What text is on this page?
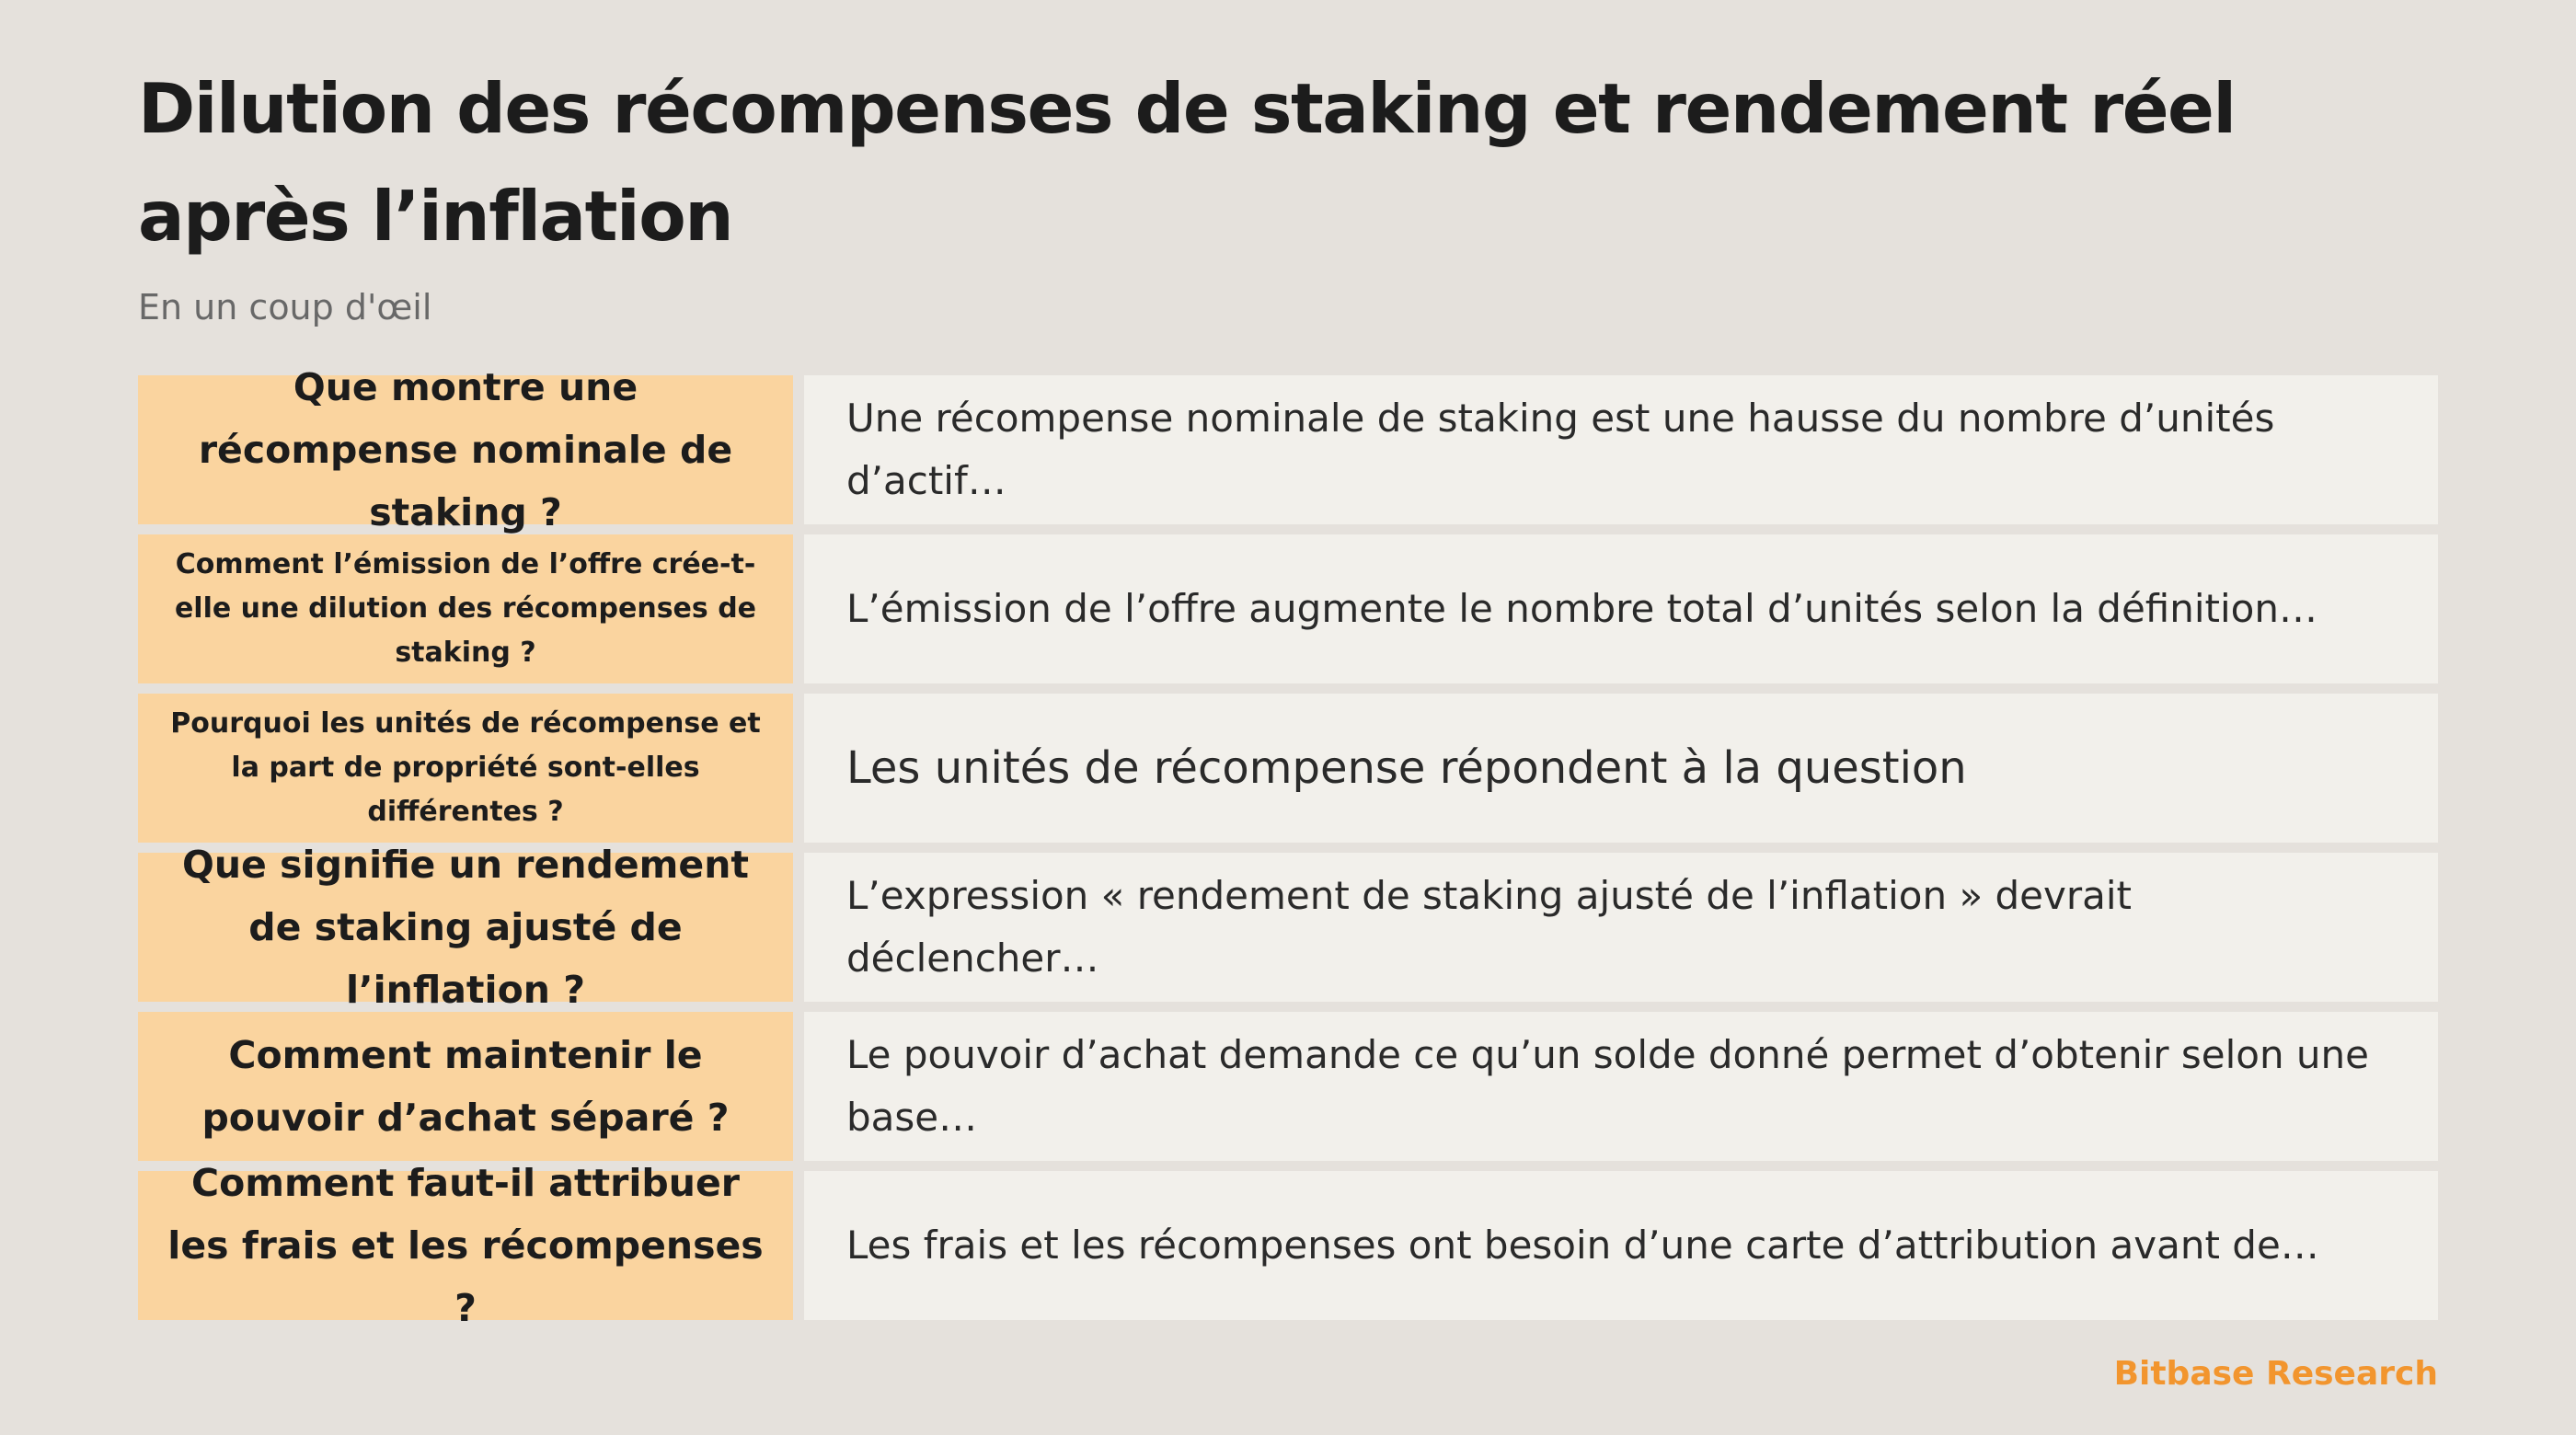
Dilution des récompenses de staking et rendement réel après l’inflation

En un coup d'œil

Que montre une récompense nominale de staking ?
Une récompense nominale de staking est une hausse du nombre d’unités d’actif…
Comment l’émission de l’offre crée-t-elle une dilution des récompenses de staking ?
L’émission de l’offre augmente le nombre total d’unités selon la définition…
Pourquoi les unités de récompense et la part de propriété sont-elles différentes ?
Les unités de récompense répondent à la question
Que signifie un rendement de staking ajusté de l’inflation ?
L’expression « rendement de staking ajusté de l’inflation » devrait déclencher…
Comment maintenir le pouvoir d’achat séparé ?
Le pouvoir d’achat demande ce qu’un solde donné permet d’obtenir selon une base…
Comment faut-il attribuer les frais et les récompenses ?
Les frais et les récompenses ont besoin d’une carte d’attribution avant de…
Bitbase Research
